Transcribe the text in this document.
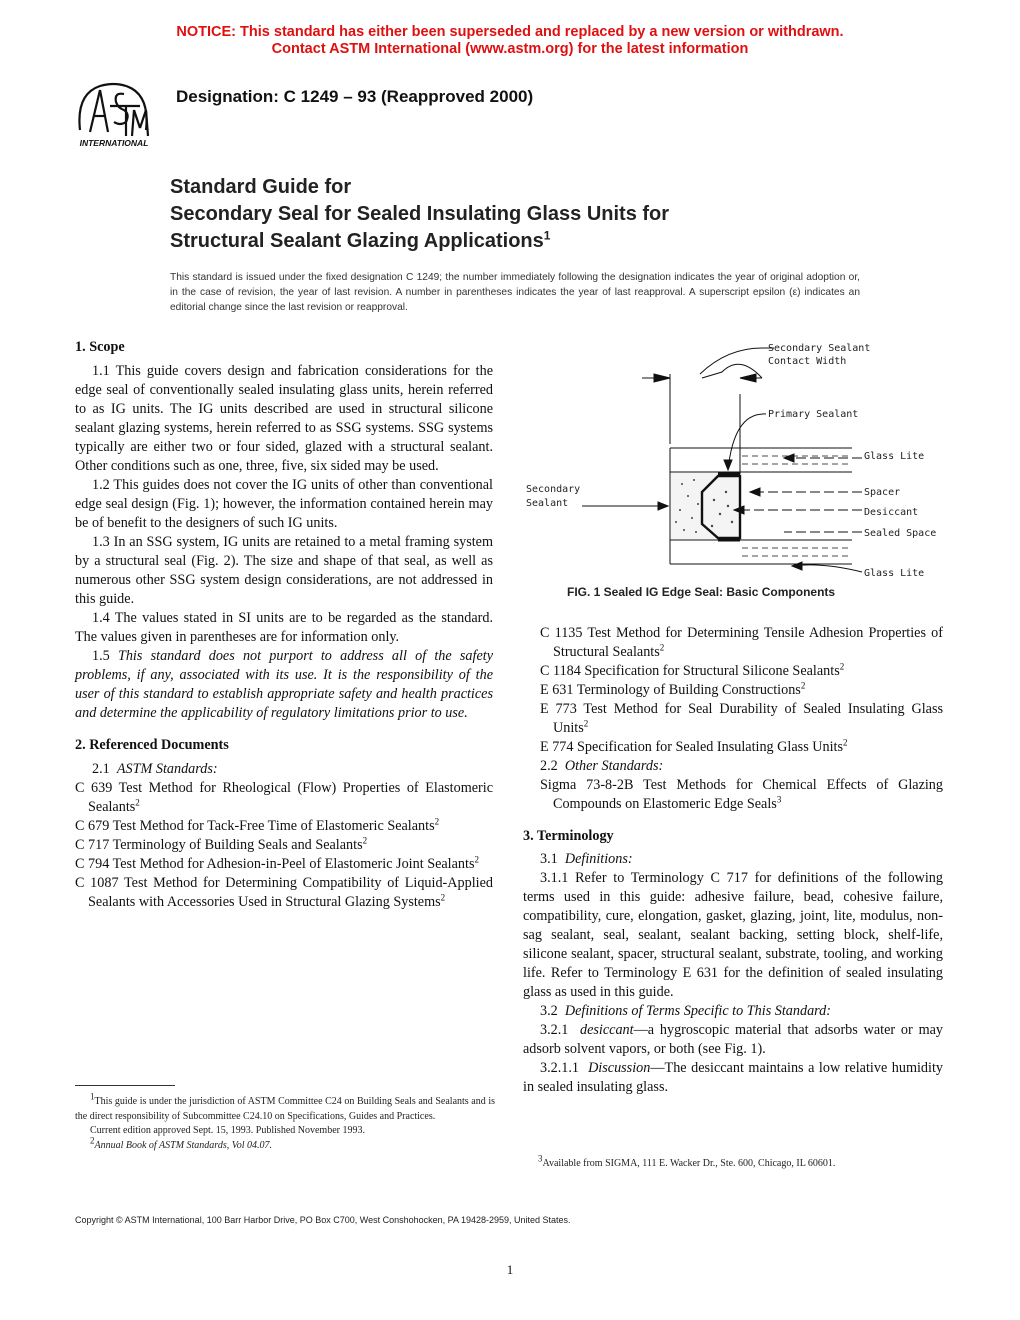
NOTICE: This standard has either been superseded and replaced by a new version or withdrawn.
Contact ASTM International (www.astm.org) for the latest information
INTERNATIONAL
Designation: C 1249 – 93 (Reapproved 2000)
Standard Guide for
Secondary Seal for Sealed Insulating Glass Units for
Structural Sealant Glazing Applications$^1$
This standard is issued under the fixed designation C 1249; the number immediately following the designation indicates the year of original adoption or, in the case of revision, the year of last revision. A number in parentheses indicates the year of last reapproval. A superscript epsilon (ε) indicates an editorial change since the last revision or reapproval.

1. Scope

1.1 This guide covers design and fabrication considerations for the edge seal of conventionally sealed insulating glass units, herein referred to as IG units. The IG units described are used in structural silicone sealant glazing systems, herein referred to as SSG systems. SSG systems typically are either two or four sided, glazed with a structural sealant. Other conditions such as one, three, five, six sided may be used.

1.2 This guides does not cover the IG units of other than conventional edge seal design (Fig. 1); however, the information contained herein may be of benefit to the designers of such IG units.

1.3 In an SSG system, IG units are retained to a metal framing system by a structural seal (Fig. 2). The size and shape of that seal, as well as numerous other SSG system design considerations, are not addressed in this guide.

1.4 The values stated in SI units are to be regarded as the standard. The values given in parentheses are for information only.

1.5 This standard does not purport to address all of the safety problems, if any, associated with its use. It is the responsibility of the user of this standard to establish appropriate safety and health practices and determine the applicability of regulatory limitations prior to use.

2. Referenced Documents

2.1 ASTM Standards:

C 639 Test Method for Rheological (Flow) Properties of Elastomeric Sealants$^2$

C 679 Test Method for Tack-Free Time of Elastomeric Sealants$^2$

C 717 Terminology of Building Seals and Sealants$^2$

C 794 Test Method for Adhesion-in-Peel of Elastomeric Joint Sealants$^2$

C 1087 Test Method for Determining Compatibility of Liquid-Applied Sealants with Accessories Used in Structural Glazing Systems$^2$

$^1$This guide is under the jurisdiction of ASTM Committee C24 on Building Seals and Sealants and is the direct responsibility of Subcommittee C24.10 on Specifications, Guides and Practices.

Current edition approved Sept. 15, 1993. Published November 1993.

$^2$Annual Book of ASTM Standards, Vol 04.07.

Secondary Sealant
Contact Width
Primary Sealant
Glass Lite
Spacer
Desiccant
Sealed Space
Glass Lite
Secondary
Sealant
FIG. 1 Sealed IG Edge Seal: Basic Components

C 1135 Test Method for Determining Tensile Adhesion Properties of Structural Sealants$^2$

C 1184 Specification for Structural Silicone Sealants$^2$

E 631 Terminology of Building Constructions$^2$

E 773 Test Method for Seal Durability of Sealed Insulating Glass Units$^2$

E 774 Specification for Sealed Insulating Glass Units$^2$

2.2 Other Standards:

Sigma 73-8-2B Test Methods for Chemical Effects of Glazing Compounds on Elastomeric Edge Seals$^3$

3. Terminology

3.1 Definitions:

3.1.1 Refer to Terminology C 717 for definitions of the following terms used in this guide: adhesive failure, bead, cohesive failure, compatibility, cure, elongation, gasket, glazing, joint, lite, modulus, non-sag sealant, seal, sealant, sealant backing, setting block, shelf-life, silicone sealant, spacer, structural sealant, substrate, tooling, and working life. Refer to Terminology E 631 for the definition of sealed insulating glass as used in this guide.

3.2 Definitions of Terms Specific to This Standard:

3.2.1 desiccant—a hygroscopic material that adsorbs water or may adsorb solvent vapors, or both (see Fig. 1).

3.2.1.1 Discussion—The desiccant maintains a low relative humidity in sealed insulating glass.

$^3$Available from SIGMA, 111 E. Wacker Dr., Ste. 600, Chicago, IL 60601.
Copyright © ASTM International, 100 Barr Harbor Drive, PO Box C700, West Conshohocken, PA 19428-2959, United States.
1
